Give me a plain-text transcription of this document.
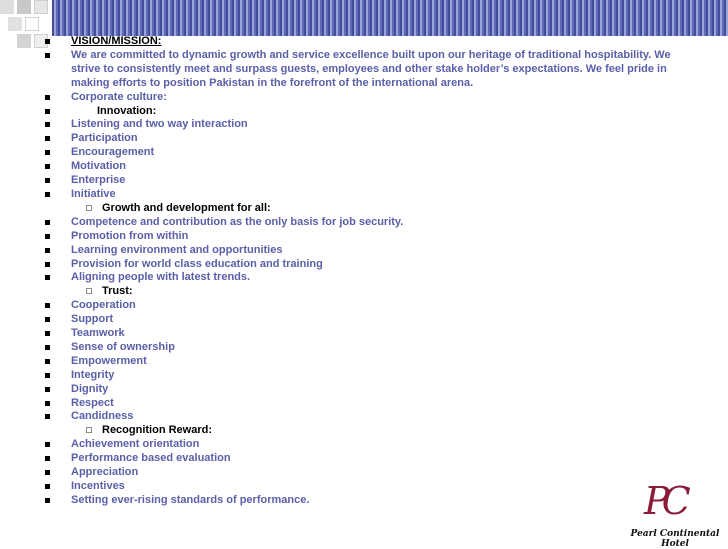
VISION/MISSION:
We are committed to dynamic growth and service excellence built upon our heritage of traditional hospitability. We strive to consistently meet and surpass guests, employees and other stake holder’s expectations. We feel pride in making efforts to position Pakistan in the forefront of the international arena.
Corporate culture:
Innovation:
Listening and two way interaction
Participation
Encouragement
Motivation
Enterprise
Initiative
Growth and development for all:
Competence and contribution as the only basis for job security.
Promotion from within
Learning environment and opportunities
Provision for world class education and training
Aligning people with latest trends.
Trust:
Cooperation
Support
Teamwork
Sense of ownership
Empowerment
Integrity
Dignity
Respect
Candidness
Recognition Reward:
Achievement orientation
Performance based evaluation
Appreciation
Incentives
Setting ever-rising standards of performance.	PC
Pearl Continental Hotel
